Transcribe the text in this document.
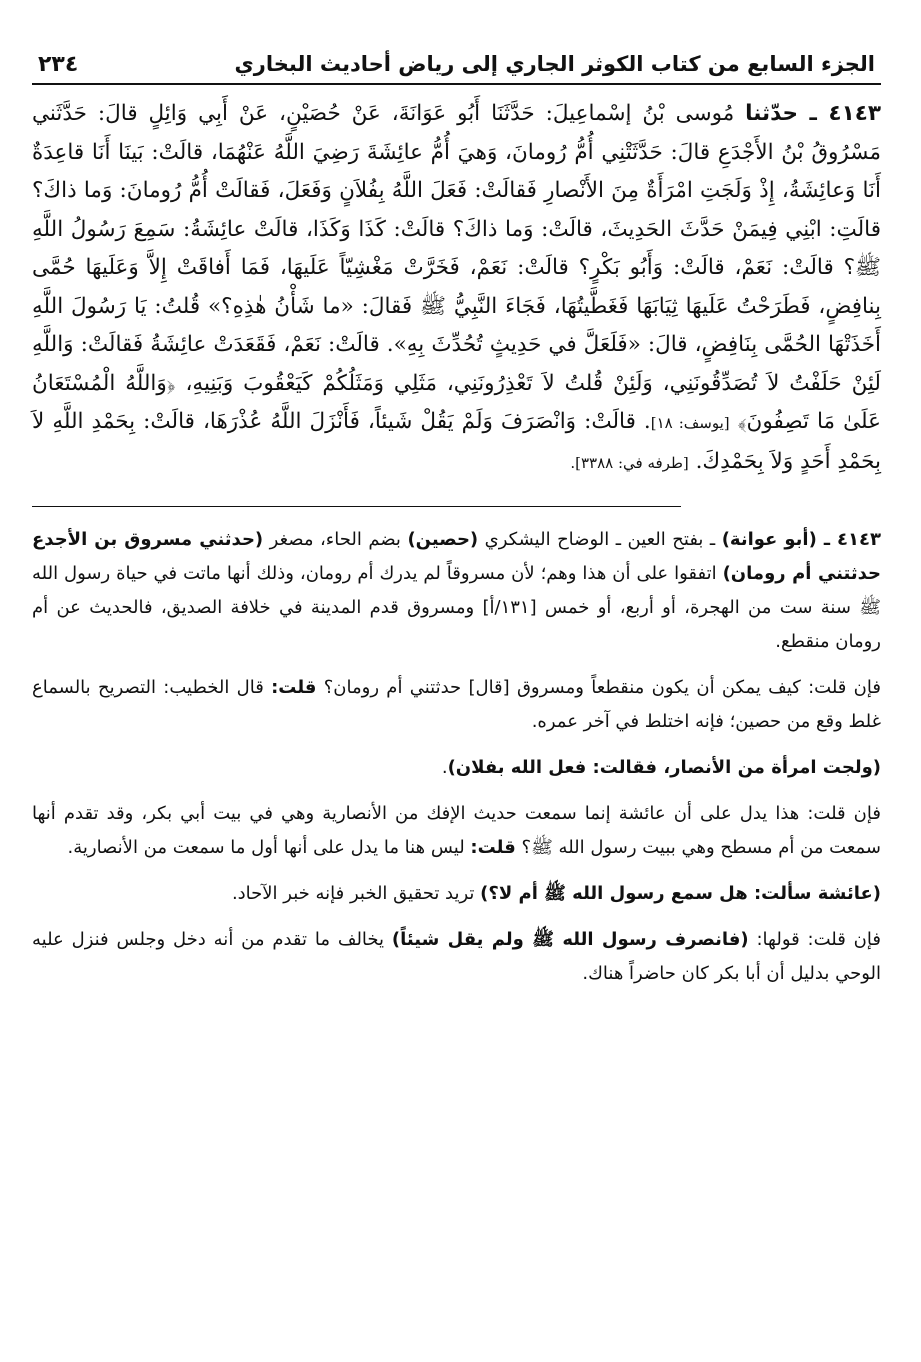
الجزء السابع من كتاب الكوثر الجاري إلى رياض أحاديث البخاري
٢٣٤
٤١٤٣ ـ حدّثنا مُوسى بْنُ إسْماعِيلَ: حَدَّثَنَا أَبُو عَوَانَةَ، عَنْ حُصَيْنٍ، عَنْ أَبِي وَائِلٍ قالَ: حَدَّثَني مَسْرُوقُ بْنُ الأَجْدَعِ قالَ: حَدَّثَتْنِي أُمُّ رُومانَ، وَهيَ أُمُّ عائِشَةَ رَضِيَ اللَّهُ عَنْهُمَا، قالَتْ: بَينَا أَنَا قاعِدَةٌ أَنَا وَعائِشَةُ، إِذْ وَلَجَتِ امْرَأَةٌ مِنَ الأَنْصارِ فَقالَتْ: فَعَلَ اللَّهُ بِفُلاَنٍ وَفَعَلَ، فَقالَتْ أُمُّ رُومانَ: وَما ذاكَ؟ قالَتِ: ابْنِي فِيمَنْ حَدَّثَ الحَدِيثَ، قالَتْ: وَما ذاكَ؟ قالَتْ: كَذَا وَكَذَا، قالَتْ عائِشَةُ: سَمِعَ رَسُولُ اللَّهِ ﷺ؟ قالَتْ: نَعَمْ، قالَتْ: وَأَبُو بَكْرٍ؟ قالَتْ: نَعَمْ، فَخَرَّتْ مَغْشِيّاً عَلَيهَا، فَمَا أَفاقَتْ إِلاَّ وَعَلَيهَا حُمَّى بِنافِضٍ، فَطَرَحْتُ عَلَيهَا ثِيَابَهَا فَغَطَّيتُهَا، فَجَاءَ النَّبِيُّ ﷺ فَقالَ: «ما شَأْنُ هٰذِهِ؟» قُلتُ: يَا رَسُولَ اللَّهِ أَخَذَتْهَا الحُمَّى بِنَافِضٍ، قالَ: «فَلَعَلَّ في حَدِيثٍ تُحُدِّثَ بِهِ». قالَتْ: نَعَمْ، فَقَعَدَتْ عائِشَةُ فَقالَتْ: وَاللَّهِ لَئِنْ حَلَفْتُ لاَ تُصَدِّقُونَنِي، وَلَئِنْ قُلتُ لاَ تَعْذِرُونَنِي، مَثَلِي وَمَثَلُكُمْ كَيَعْقُوبَ وَبَنِيهِ، ﴿وَاللَّهُ الْمُسْتَعَانُ عَلَىٰ مَا تَصِفُونَ﴾ [يوسف: ١٨]. قالَتْ: وَانْصَرَفَ وَلَمْ يَقُلْ شَيئاً، فَأَنْزَلَ اللَّهُ عُذْرَهَا، قالَتْ: بِحَمْدِ اللَّهِ لاَ بِحَمْدِ أَحَدٍ وَلاَ بِحَمْدِكَ. [طرفه في: ٣٣٨٨].

٤١٤٣ ـ (أبو عوانة) ـ بفتح العين ـ الوضاح اليشكري (حصين) بضم الحاء، مصغر (حدثني مسروق بن الأجدع حدثتني أم رومان) اتفقوا على أن هذا وهم؛ لأن مسروقاً لم يدرك أم رومان، وذلك أنها ماتت في حياة رسول الله ﷺ سنة ست من الهجرة، أو أربع، أو خمس [١٣١/أ] ومسروق قدم المدينة في خلافة الصديق، فالحديث عن أم رومان منقطع.

فإن قلت: كيف يمكن أن يكون منقطعاً ومسروق [قال] حدثتني أم رومان؟ قلت: قال الخطيب: التصريح بالسماع غلط وقع من حصين؛ فإنه اختلط في آخر عمره.

(ولجت امرأة من الأنصار، فقالت: فعل الله بفلان).

فإن قلت: هذا يدل على أن عائشة إنما سمعت حديث الإفك من الأنصارية وهي في بيت أبي بكر، وقد تقدم أنها سمعت من أم مسطح وهي ببيت رسول الله ﷺ؟ قلت: ليس هنا ما يدل على أنها أول ما سمعت من الأنصارية.

(عائشة سألت: هل سمع رسول الله ﷺ أم لا؟) تريد تحقيق الخبر فإنه خبر الآحاد.

فإن قلت: قولها: (فانصرف رسول الله ﷺ ولم يقل شيئاً) يخالف ما تقدم من أنه دخل وجلس فنزل عليه الوحي بدليل أن أبا بكر كان حاضراً هناك.
